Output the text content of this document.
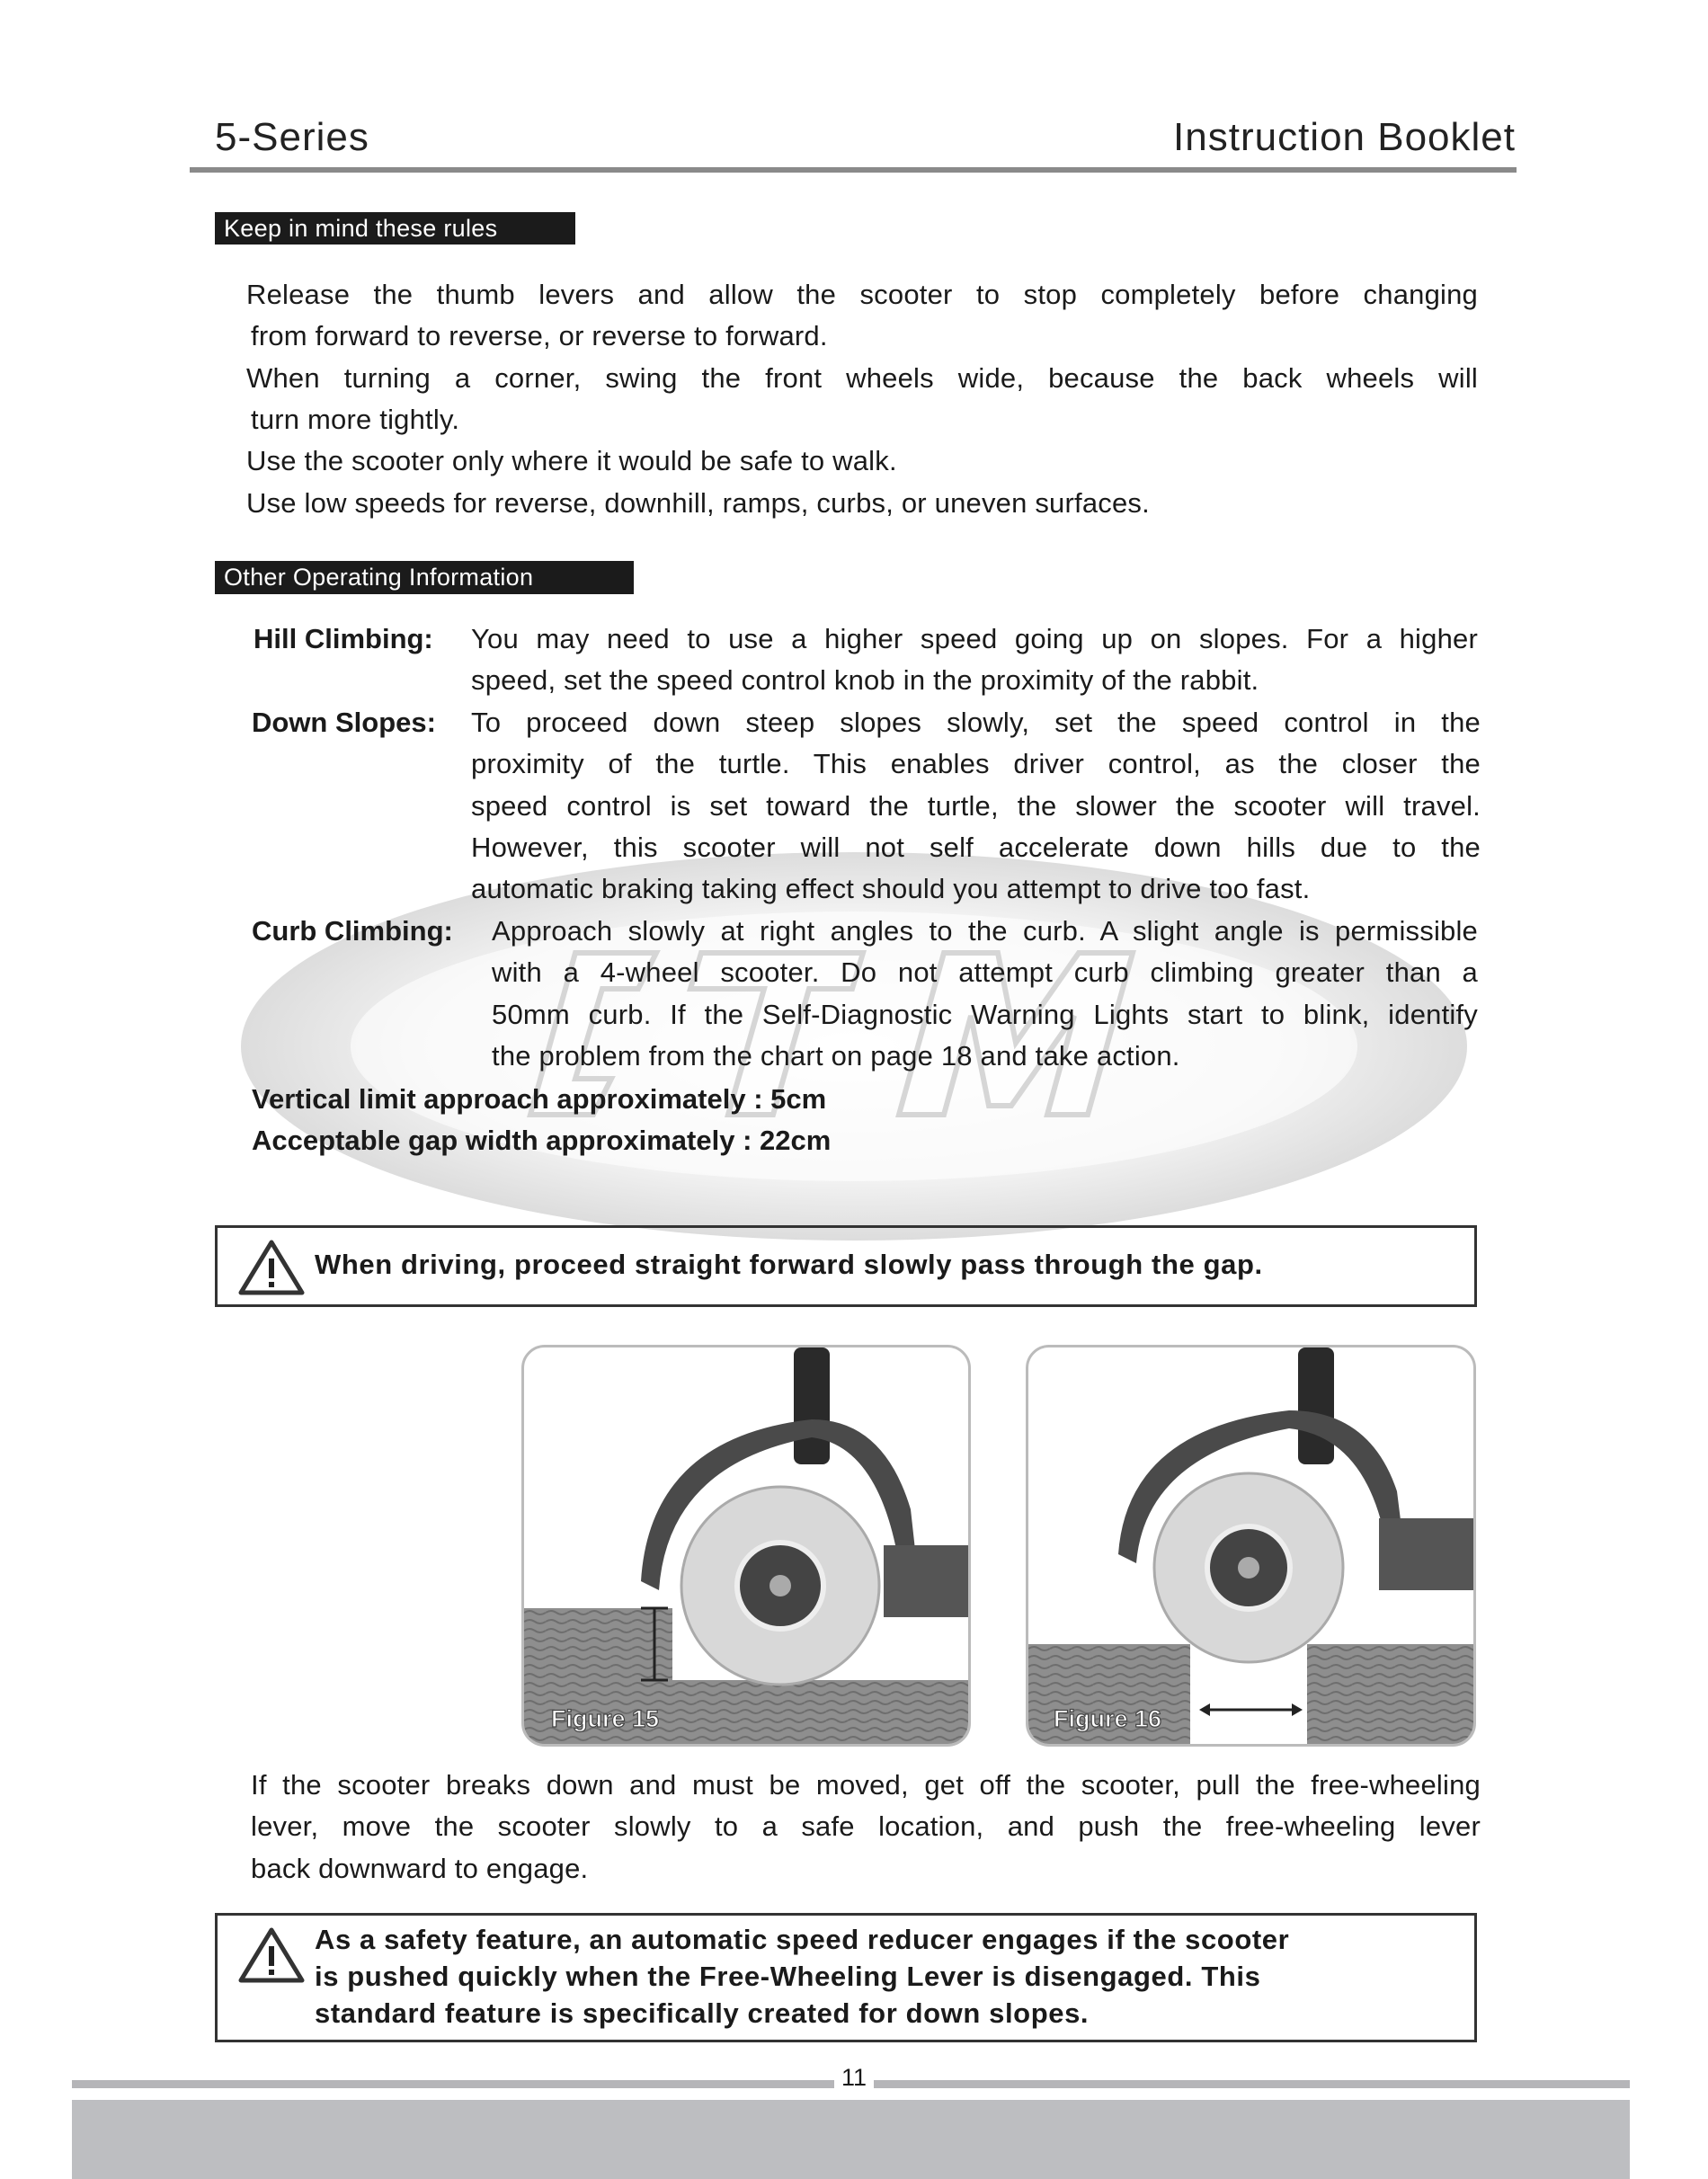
5-Series	Instruction Booklet
Keep in mind these rules
Release the thumb levers and allow the scooter to stop completely before changing
from forward to reverse, or reverse to forward.
When turning a corner, swing the front wheels wide, because the back wheels will
turn more tightly.
Use the scooter only where it would be safe to walk.
Use low speeds for reverse, downhill, ramps, curbs, or uneven surfaces.
Other Operating Information
Hill Climbing:
Down Slopes:
Curb Climbing:
You may need to use a higher speed going up on slopes. For a higher
speed, set the speed control knob in the proximity of the rabbit.
To proceed down steep slopes slowly, set the speed control in the
proximity of the turtle. This enables driver control, as the closer the
speed control is set toward the turtle, the slower the scooter will travel.
However, this scooter will not self accelerate down hills due to the
automatic braking taking effect should you attempt to drive too fast.
Approach slowly at right angles to the curb. A slight angle is permissible
with a 4-wheel scooter. Do not attempt curb climbing greater than a
50mm curb. If the Self-Diagnostic Warning Lights start to blink, identify
the problem from the chart on page 18 and take action.
Vertical limit approach approximately : 5cm
Acceptable gap width approximately : 22cm
When driving, proceed straight forward slowly pass through the gap.
Figure 15	Figure 16
If the scooter breaks down and must be moved, get off the scooter, pull the free-wheeling
lever, move the scooter slowly to a safe location, and push the free-wheeling lever
back downward to engage.
As a safety feature, an automatic speed reducer engages if the scooter
is pushed quickly when the Free-Wheeling Lever is disengaged. This
standard feature is specifically created for down slopes.
11
